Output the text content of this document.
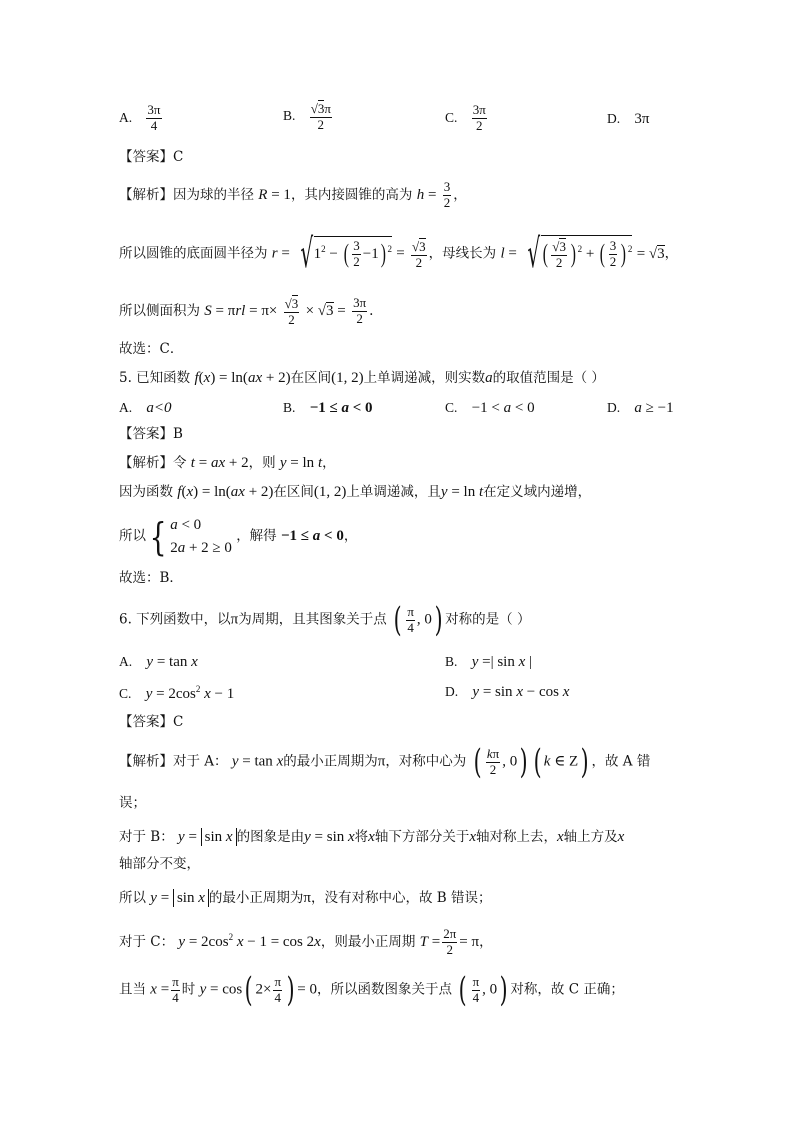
A. $\frac{3\pi}{4}$	B. $\frac{√3\pi}{2}$	C. $\frac{3\pi}{2}$	D. 3π
【答案】C
【解析】因为球的半径 R = 1，其内接圆锥的高为 $h = \frac{3}{2}$ ，
所以圆锥的底面圆半径为 $r = √1^2$ − ( $\frac{3}{2} -1$) $^2 = \frac{√3}{2}$ ，母线长为 l = √( $\frac{√3}{2}$ ) $^2$ + ( $\frac{3}{2}$ ) $^2$ = √3，
所以侧面积为 $S = \pi rl = \pi\times \frac{√3}{2} \times √3 = \frac{3\pi}{2}$ .
故选：C．
5. 已知函数 f(x) = ln(ax + 2)在区间(1, 2)上单调递减，则实数a的取值范围是（ ）
A. a<0	B. −1 ≤ a < 0	C. −1 < a < 0	D. a ≥ −1
【答案】B
【解析】令 t = ax + 2，则 y = ln t，
因为函数 f(x) = ln(ax + 2)在区间(1, 2)上单调递减，且y = ln t在定义域内递增，
所以{ a < 0
2a + 2 ≥ 0
，解得 −1 ≤ a < 0，
故选：B．
6. 下列函数中，以π为周期，且其图象关于点 ( $\frac{\pi}{4}$ , 0) 对称的是（ ）
A. y = tan x	B. y =| sin x |
C. $y = 2\cos^2$ x − 1	D. y = sin x − cos x
【答案】C
【解析】对于 A： y = tan x的最小正周期为π，对称中心为 ( $\frac{k\pi}{2}$ , 0) ( k ∈ Z) ，故 A 错
误；
对于 B： y = sin x 的图象是由y = sin x将x轴下方部分关于x轴对称上去，x轴上方及x
轴部分不变，
所以 y = sin x 的最小正周期为π，没有对称中心，故 B 错误；
对于 C： $y = 2\cos^2$ x − 1 = cos 2x，则最小正周期 $T = \frac{2\pi}{2} = \pi$，
且当 $x = \frac{\pi}{4}$ 时 y = cos( $2\times \frac{\pi}{4}$ ) = 0，所以函数图象关于点 ( $\frac{\pi}{4}$ , 0) 对称，故 C 正确；
